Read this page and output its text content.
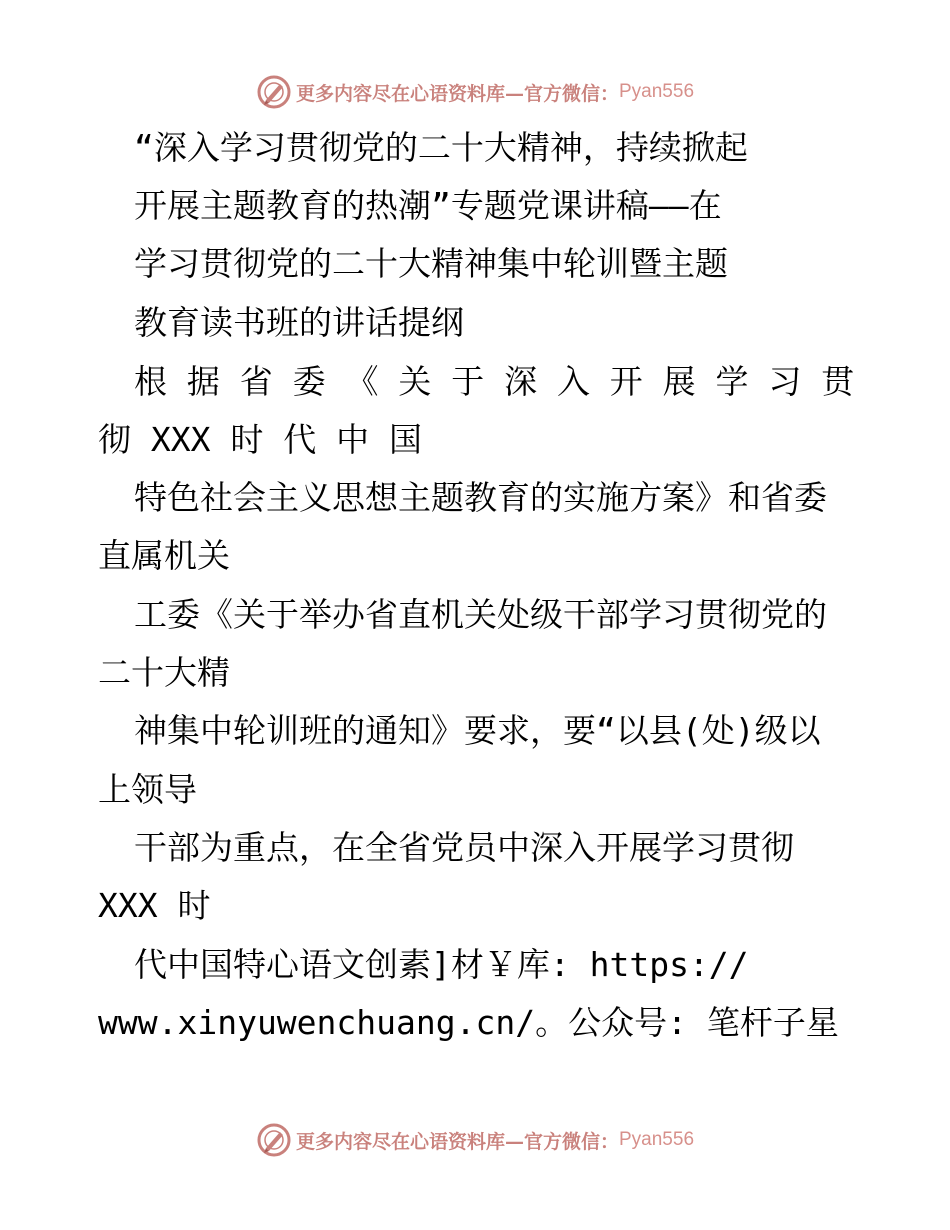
更多内容尽在心语资料库—官方微信： Pyan556
“深入学习贯彻党的二十大精神，持续掀起
开展主题教育的热潮”专题党课讲稿——在
学习贯彻党的二十大精神集中轮训暨主题
教育读书班的讲话提纲
根 据 省 委 《 关 于 深 入 开 展 学 习 贯
彻 XXX 时 代 中 国
特色社会主义思想主题教育的实施方案》和省委
直属机关
工委《关于举办省直机关处级干部学习贯彻党的
二十大精
神集中轮训班的通知》要求，要“以县(处)级以
上领导
干部为重点，在全省党员中深入开展学习贯彻
XXX 时
代中国特心语文创素]材￥库: https://
www.xinyuwenchuang.cn/。公众号: 笔杆子星
更多内容尽在心语资料库—官方微信： Pyan556
